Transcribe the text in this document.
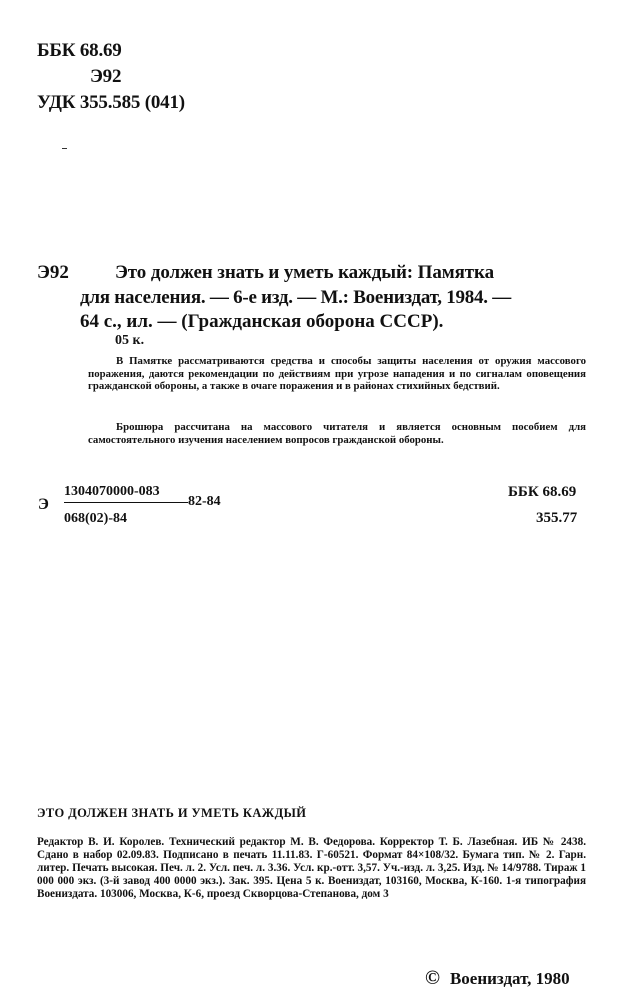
ББК 68.69
Э92
УДК 355.585 (041)
Э92 Это должен знать и уметь каждый: Памятка
для населения. — 6-е изд. — М.: Воениздат, 1984. —
64 с., ил. — (Гражданская оборона СССР).
05 к.
В Памятке рассматриваются средства и способы защиты населения от оружия массового поражения, даются рекомендации по действиям при угрозе нападения и по сигналам оповещения гражданской обороны, а также в очаге поражения и в районах стихийных бедствий.
Брошюра рассчитана на массового читателя и является основным пособием для самостоятельного изучения населением вопросов гражданской обороны.
Э
1304070000-083
82-84
068(02)-84
ББК 68.69
355.77
ЭТО ДОЛЖЕН ЗНАТЬ И УМЕТЬ КАЖДЫЙ
Редактор В. И. Королев. Технический редактор М. В. Федорова. Корректор Т. Б. Лазебная. ИБ № 2438. Сдано в набор 02.09.83. Подписано в печать 11.11.83. Г-60521. Формат 84×108/32. Бумага тип. № 2. Гарн. литер. Печать высокая. Печ. л. 2. Усл. печ. л. 3.36. Усл. кр.-отт. 3,57. Уч.-изд. л. 3,25. Изд. № 14/9788. Тираж 1 000 000 экз. (3-й завод 400 0000 экз.). Зак. 395. Цена 5 к. Воениздат, 103160, Москва, К-160. 1-я типография Воениздата. 103006, Москва, К-6, проезд Скворцова-Степанова, дом 3
© Воениздат, 1980
